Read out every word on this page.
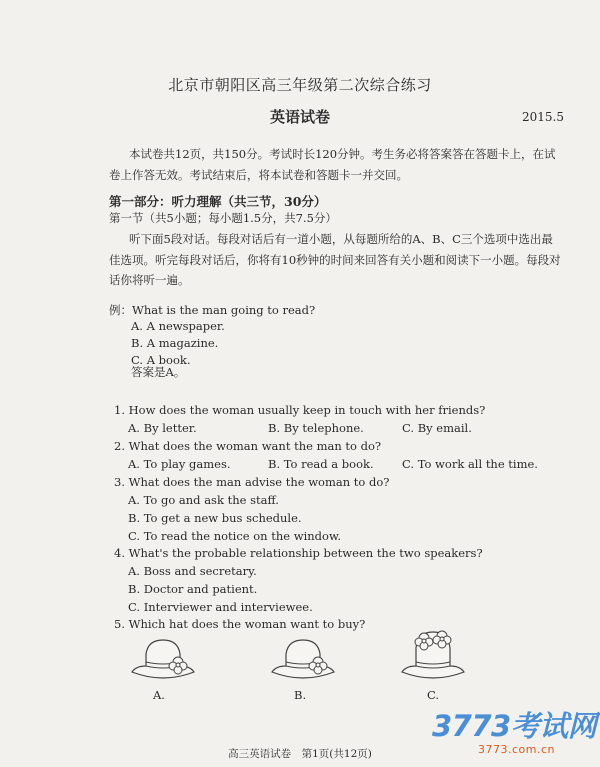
北京市朝阳区高三年级第二次综合练习
英语试卷	2015.5
本试卷共12页，共150分。考试时长120分钟。考生务必将答案答在答题卡上，在试
卷上作答无效。考试结束后，将本试卷和答题卡一并交回。
第一部分：听力理解（共三节，30分）
第一节（共5小题；每小题1.5分，共7.5分）
听下面5段对话。每段对话后有一道小题，从每题所给的A、B、C三个选项中选出最
佳选项。听完每段对话后，你将有10秒钟的时间来回答有关小题和阅读下一小题。每段对
话你将听一遍。
例：What is the man going to read?
A. A newspaper.
B. A magazine.
C. A book.
答案是A。
1. How does the woman usually keep in touch with her friends?
A. By letter.	B. By telephone.	C. By email.
2. What does the woman want the man to do?
A. To play games.	B. To read a book. C. To work all the time.
3. What does the man advise the woman to do?
A. To go and ask the staff.
B. To get a new bus schedule.
C. To read the notice on the window.
4. What's the probable relationship between the two speakers?
A. Boss and secretary.
B. Doctor and patient.
C. Interviewer and interviewee.
5. Which hat does the woman want to buy?
A.	B.	C.
高三英语试卷　第1页(共12页)
3773考试网
3773.com.cn
